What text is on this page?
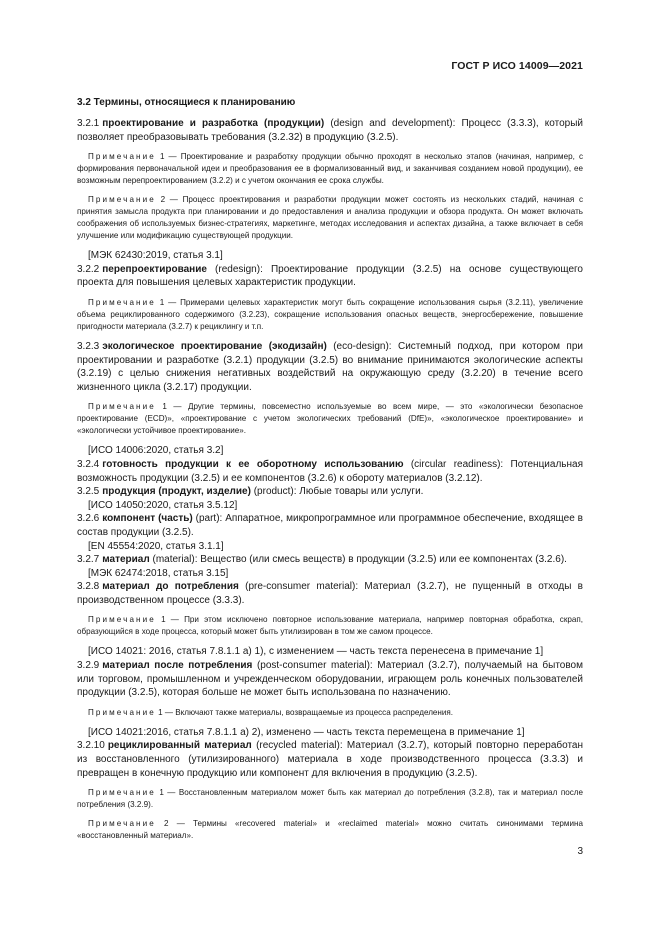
ГОСТ Р ИСО 14009—2021
3.2 Термины, относящиеся к планированию

3.2.1 проектирование и разработка (продукции) (design and development): Процесс (3.3.3), который позволяет преобразовывать требования (3.2.32) в продукцию (3.2.5).

Примечание 1 — Проектирование и разработку продукции обычно проходят в несколько этапов (начиная, например, с формирования первоначальной идеи и преобразования ее в формализованный вид, и заканчивая созданием новой продукции), ее возможным перепроектированием (3.2.2) и с учетом окончания ее срока службы.

Примечание 2 — Процесс проектирования и разработки продукции может состоять из нескольких стадий, начиная с принятия замысла продукта при планировании и до предоставления и анализа продукции и обзора продукта. Он может включать соображения об используемых бизнес-стратегиях, маркетинге, методах исследования и аспектах дизайна, а также включает в себя улучшение или модификацию существующей продукции.

[МЭК 62430:2019, статья 3.1]

3.2.2 перепроектирование (redesign): Проектирование продукции (3.2.5) на основе существующего проекта для повышения целевых характеристик продукции.

Примечание 1 — Примерами целевых характеристик могут быть сокращение использования сырья (3.2.11), увеличение объема рециклированного содержимого (3.2.23), сокращение использования опасных веществ, энергосбережение, повышение пригодности материала (3.2.7) к рециклингу и т.п.

3.2.3 экологическое проектирование (экодизайн) (eco-design): Системный подход, при котором при проектировании и разработке (3.2.1) продукции (3.2.5) во внимание принимаются экологические аспекты (3.2.19) с целью снижения негативных воздействий на окружающую среду (3.2.20) в течение всего жизненного цикла (3.2.17) продукции.

Примечание 1 — Другие термины, повсеместно используемые во всем мире, — это «экологически безопасное проектирование (ECD)», «проектирование с учетом экологических требований (DfE)», «экологическое проектирование» и «экологически устойчивое проектирование».

[ИСО 14006:2020, статья 3.2]

3.2.4 готовность продукции к ее оборотному использованию (circular readiness): Потенциальная возможность продукции (3.2.5) и ее компонентов (3.2.6) к обороту материалов (3.2.12).

3.2.5 продукция (продукт, изделие) (product): Любые товары или услуги.

[ИСО 14050:2020, статья 3.5.12]

3.2.6 компонент (часть) (part): Аппаратное, микропрограммное или программное обеспечение, входящее в состав продукции (3.2.5).

[EN 45554:2020, статья 3.1.1]

3.2.7 материал (material): Вещество (или смесь веществ) в продукции (3.2.5) или ее компонентах (3.2.6).

[МЭК 62474:2018, статья 3.15]

3.2.8 материал до потребления (pre-consumer material): Материал (3.2.7), не пущенный в отходы в производственном процессе (3.3.3).

Примечание 1 — При этом исключено повторное использование материала, например повторная обработка, скрап, образующийся в ходе процесса, который может быть утилизирован в том же самом процессе.

[ИСО 14021: 2016, статья 7.8.1.1 a) 1), с изменением — часть текста перенесена в примечание 1]

3.2.9 материал после потребления (post-consumer material): Материал (3.2.7), получаемый на бытовом или торговом, промышленном и учрежденческом оборудовании, играющем роль конечных пользователей продукции (3.2.5), которая больше не может быть использована по назначению.

Примечание 1 — Включают также материалы, возвращаемые из процесса распределения.

[ИСО 14021:2016, статья 7.8.1.1 a) 2), изменено — часть текста перемещена в примечание 1]

3.2.10 рециклированный материал (recycled material): Материал (3.2.7), который повторно переработан из восстановленного (утилизированного) материала в ходе производственного процесса (3.3.3) и превращен в конечную продукцию или компонент для включения в продукцию (3.2.5).

Примечание 1 — Восстановленным материалом может быть как материал до потребления (3.2.8), так и материал после потребления (3.2.9).

Примечание 2 — Термины «recovered material» и «reclaimed material» можно считать синонимами термина «восстановленный материал».

3
